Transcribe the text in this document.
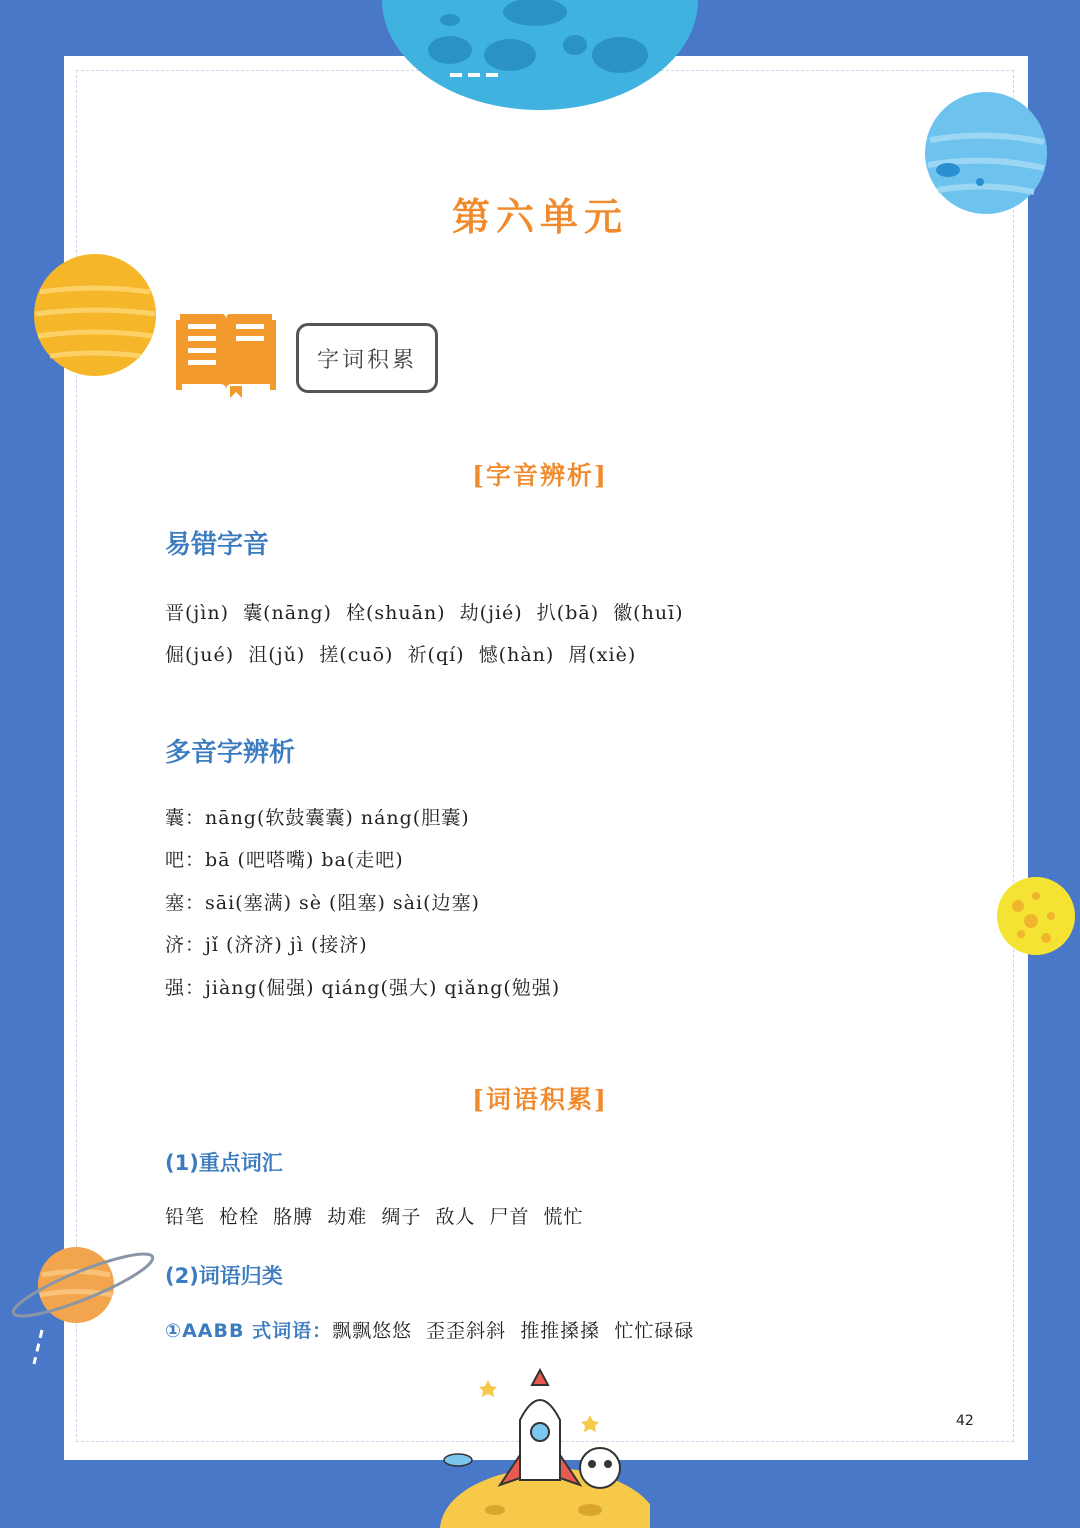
第六单元
字词积累
[字音辨析]
易错字音
晋(jìn)  囊(nāng)  栓(shuān)  劫(jié)  扒(bā)  徽(huī)
倔(jué)  沮(jǔ)  搓(cuō)  祈(qí)  憾(hàn)  屑(xiè)
多音字辨析
囊：nāng(软鼓囊囊) náng(胆囊)
吧：bā (吧嗒嘴) ba(走吧)
塞：sāi(塞满) sè (阻塞) sài(边塞)
济：jǐ (济济) jì (接济)
强：jiàng(倔强) qiáng(强大) qiǎng(勉强)
[词语积累]
(1)重点词汇
铅笔  枪栓  胳膊  劫难  绸子  敌人  尸首  慌忙
(2)词语归类
①AABB 式词语：飘飘悠悠  歪歪斜斜  推推搡搡  忙忙碌碌
42
